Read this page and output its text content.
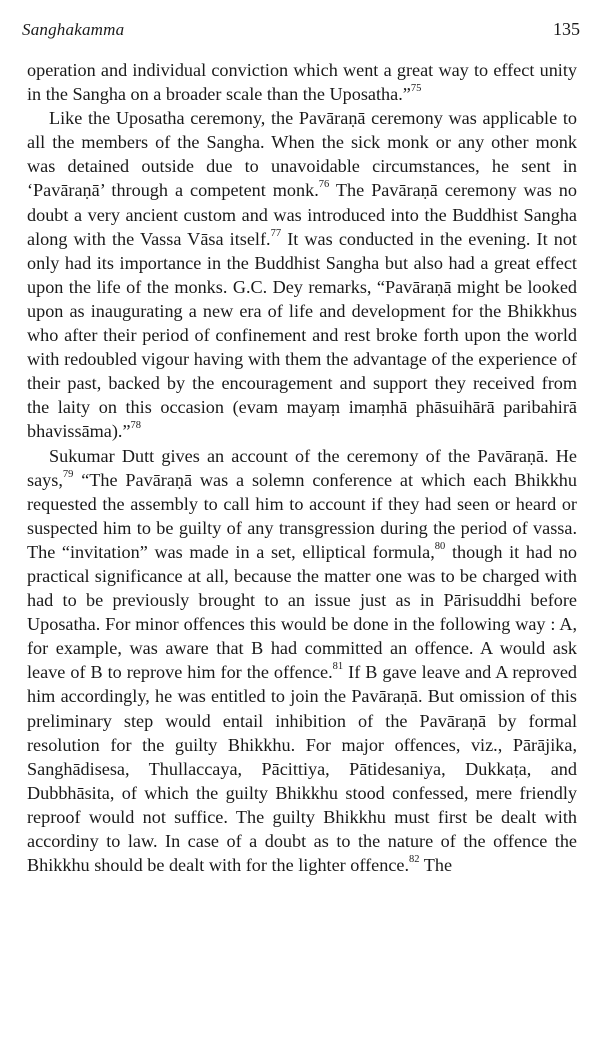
Sanghakamma	135

operation and individual conviction which went a great way to effect unity in the Sangha on a broader scale than the Uposatha.”$^{75}$

Like the Uposatha ceremony, the Pavāraṇā ceremony was applicable to all the members of the Sangha. When the sick monk or any other monk was detained outside due to unavoidable circumstances, he sent in ‘Pavāraṇā’ through a competent monk.$^{76}$ The Pavāraṇā ceremony was no doubt a very ancient custom and was introduced into the Buddhist Sangha along with the Vassa Vāsa itself.$^{77}$ It was conducted in the evening. It not only had its importance in the Buddhist Sangha but also had a great effect upon the life of the monks. G.C. Dey remarks, “Pavāraṇā might be looked upon as inaugurating a new era of life and development for the Bhikkhus who after their period of confinement and rest broke forth upon the world with redoubled vigour having with them the advantage of the experience of their past, backed by the encouragement and support they received from the laity on this occasion (evam mayaṃ imaṃhā phāsuihārā paribahirā bhavissāma).”$^{78}$

Sukumar Dutt gives an account of the ceremony of the Pavāraṇā. He says,$^{79}$ “The Pavāraṇā was a solemn conference at which each Bhikkhu requested the assembly to call him to account if they had seen or heard or suspected him to be guilty of any transgression during the period of vassa. The “invitation” was made in a set, elliptical formula,$^{80}$ though it had no practical significance at all, because the matter one was to be charged with had to be previously brought to an issue just as in Pārisuddhi before Uposatha. For minor offences this would be done in the following way : A, for example, was aware that B had committed an offence. A would ask leave of B to reprove him for the offence.$^{81}$ If B gave leave and A reproved him accordingly, he was entitled to join the Pavāraṇā. But omission of this preliminary step would entail inhibition of the Pavāraṇā by formal resolution for the guilty Bhikkhu. For major offences, viz., Pārājika, Sanghādisesa, Thullaccaya, Pācittiya, Pātidesaniya, Dukkaṭa, and Dubbhāsita, of which the guilty Bhikkhu stood confessed, mere friendly reproof would not suffice. The guilty Bhikkhu must first be dealt with accordiny to law. In case of a doubt as to the nature of the offence the Bhikkhu should be dealt with for the lighter offence.$^{82}$ The
